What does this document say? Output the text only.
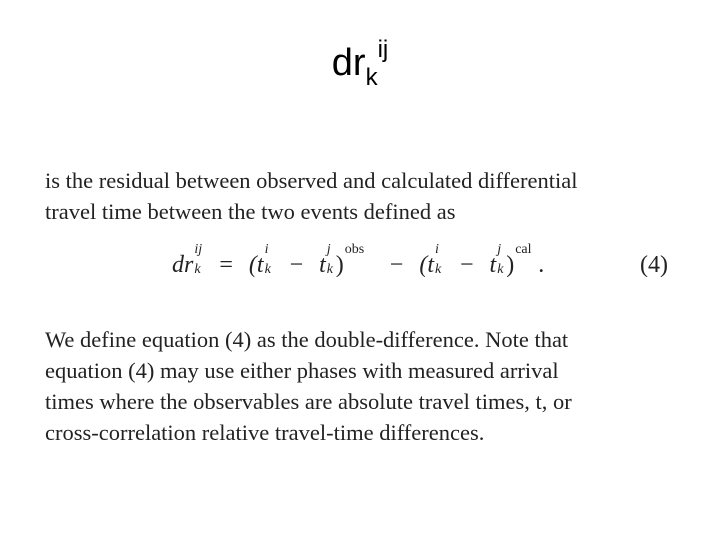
$dr_k^{ij}$
is the residual between observed and calculated differential
travel time between the two events defined as
dr
ij
k = (t
i
k − t
j
k )
obs
− (t
i
k − t
j
k )
cal
.	(4)
We define equation (4) as the double-difference. Note that
equation (4) may use either phases with measured arrival
times where the observables are absolute travel times, t, or
cross-correlation relative travel-time differences.
